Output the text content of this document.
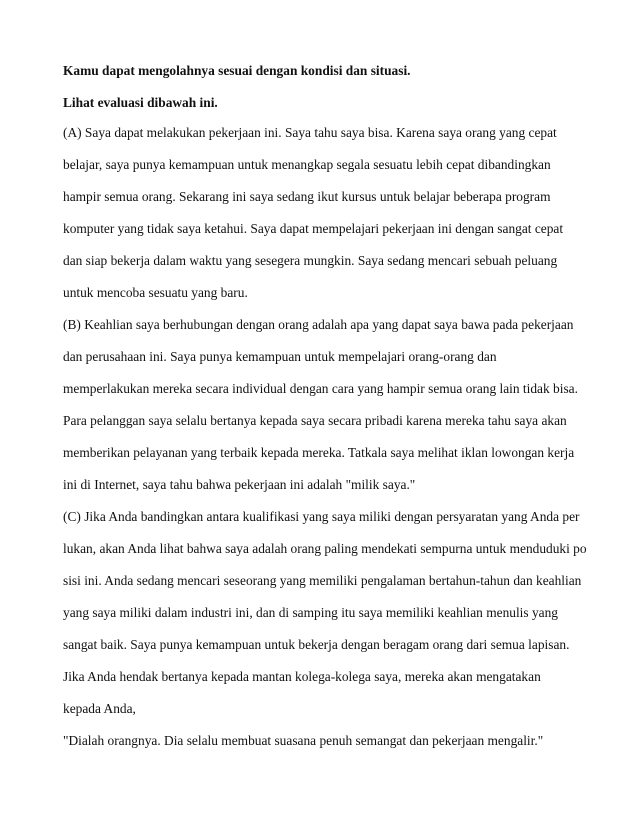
Kamu dapat mengolahnya sesuai dengan kondisi dan situasi.
Lihat evaluasi dibawah ini.
(A) Saya dapat melakukan pekerjaan ini. Saya tahu saya bisa. Karena saya orang yang cepat
belajar, saya punya kemampuan untuk menangkap segala sesuatu lebih cepat dibandingkan
hampir semua orang. Sekarang ini saya sedang ikut kursus untuk belajar beberapa program
komputer yang tidak saya ketahui. Saya dapat mempelajari pekerjaan ini dengan sangat cepat
dan siap bekerja dalam waktu yang sesegera mungkin. Saya sedang mencari sebuah peluang
untuk mencoba sesuatu yang baru.
(B) Keahlian saya berhubungan dengan orang adalah apa yang dapat saya bawa pada pekerjaan
dan perusahaan ini. Saya punya kemampuan untuk mempelajari orang-orang dan
memperlakukan mereka secara individual dengan cara yang hampir semua orang lain tidak bisa.
Para pelanggan saya selalu bertanya kepada saya secara pribadi karena mereka tahu saya akan
memberikan pelayanan yang terbaik kepada mereka. Tatkala saya melihat iklan lowongan kerja
ini di Internet, saya tahu bahwa pekerjaan ini adalah "milik saya."
(C) Jika Anda bandingkan antara kualifikasi yang saya miliki dengan persyaratan yang Anda per
lukan, akan Anda lihat bahwa saya adalah orang paling mendekati sempurna untuk menduduki po
sisi ini. Anda sedang mencari seseorang yang memiliki pengalaman bertahun-tahun dan keahlian
yang saya miliki dalam industri ini, dan di samping itu saya memiliki keahlian menulis yang
sangat baik. Saya punya kemampuan untuk bekerja dengan beragam orang dari semua lapisan.
Jika Anda hendak bertanya kepada mantan kolega-kolega saya, mereka akan mengatakan
kepada Anda,
"Dialah orangnya. Dia selalu membuat suasana penuh semangat dan pekerjaan mengalir."
